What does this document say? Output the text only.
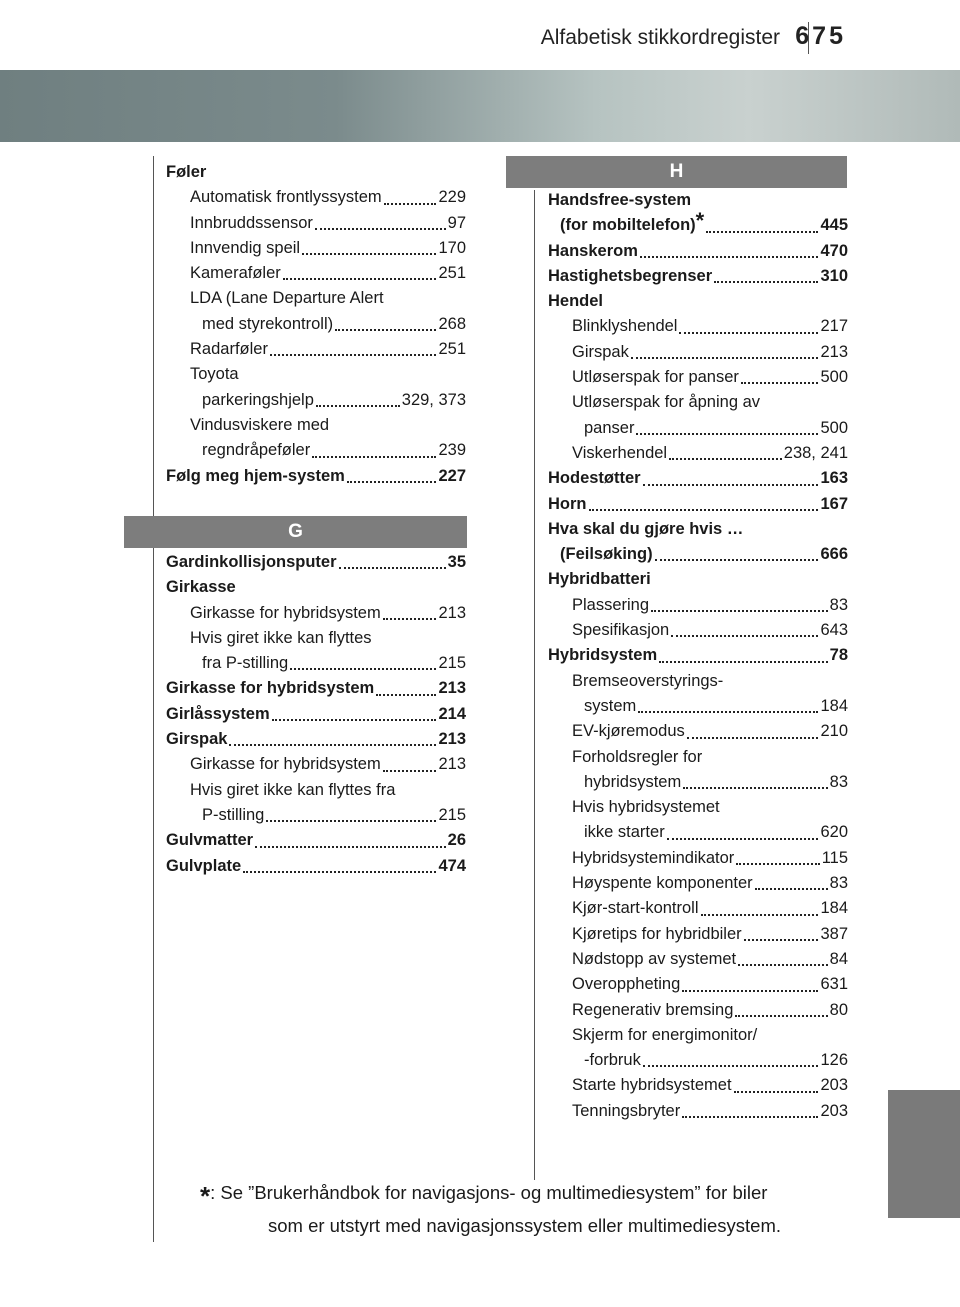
Alfabetisk stikkordregister 675
Føler
Automatisk frontlyssystem	229
Innbruddssensor	97
Innvendig speil	170
Kameraføler	251
LDA (Lane Departure Alert
med styrekontroll)	268
Radarføler	251
Toyota
parkeringshjelp	329, 373
Vindusviskere med
regndråpeføler	239
Følg meg hjem-system	227
G
Gardinkollisjonsputer	35
Girkasse
Girkasse for hybridsystem	213
Hvis giret ikke kan flyttes
fra P-stilling	215
Girkasse for hybridsystem	213
Girlåssystem	214
Girspak	213
Girkasse for hybridsystem	213
Hvis giret ikke kan flyttes fra
P-stilling	215
Gulvmatter	26
Gulvplate	474
H
Handsfree-system
(for mobiltelefon)*	445
Hanskerom	470
Hastighetsbegrenser	310
Hendel
Blinklyshendel	217
Girspak	213
Utløserspak for panser	500
Utløserspak for åpning av
panser	500
Viskerhendel	238, 241
Hodestøtter	163
Horn	167
Hva skal du gjøre hvis …
(Feilsøking)	666
Hybridbatteri
Plassering	83
Spesifikasjon	643
Hybridsystem	78
Bremseoverstyrings-
system	184
EV-kjøremodus	210
Forholdsregler for
hybridsystem	83
Hvis hybridsystemet
ikke starter	620
Hybridsystemindikator	115
Høyspente komponenter	83
Kjør-start-kontroll	184
Kjøretips for hybridbiler	387
Nødstopp av systemet	84
Overoppheting	631
Regenerativ bremsing	80
Skjerm for energimonitor/
-forbruk	126
Starte hybridsystemet	203
Tenningsbryter	203
*: Se ”Brukerhåndbok for navigasjons- og multimediesystem” for biler
som er utstyrt med navigasjonssystem eller multimediesystem.
